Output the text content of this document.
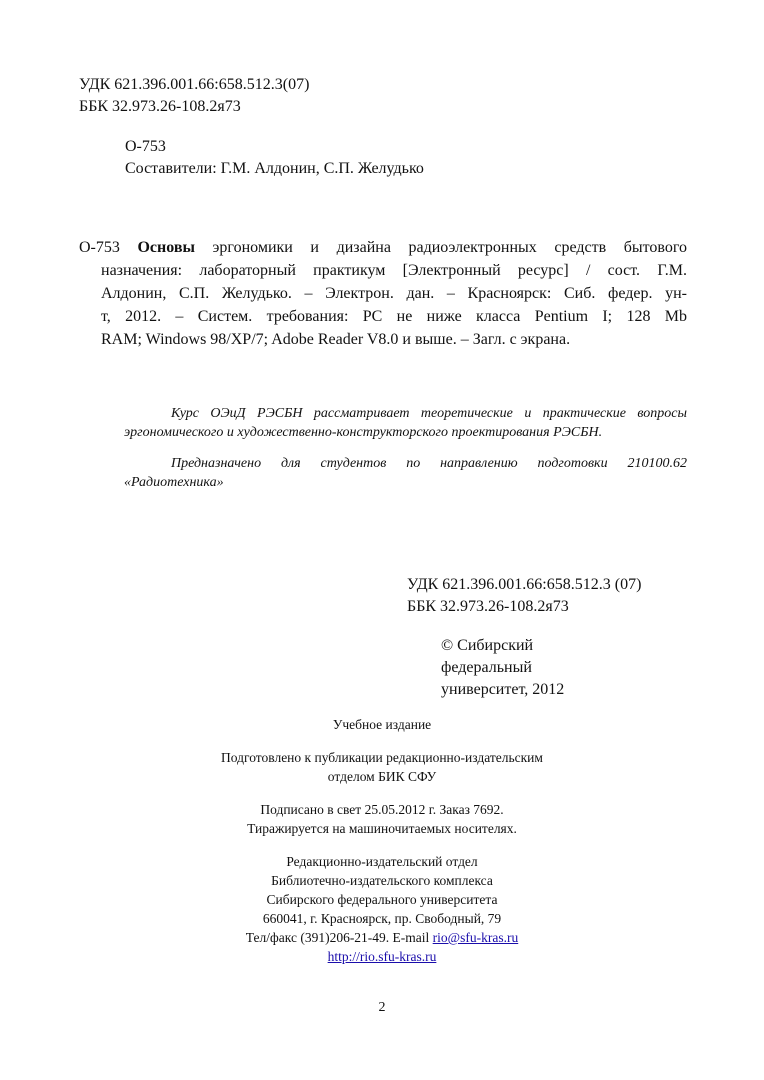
УДК 621.396.001.66:658.512.3(07)
ББК 32.973.26-108.2я73
О-753
Составители: Г.М. Алдонин, С.П. Желудько
О-753 Основы эргономики и дизайна радиоэлектронных средств бытового
назначения: лабораторный практикум [Электронный ресурс] / сост. Г.М.
Алдонин, С.П. Желудько. – Электрон. дан. – Красноярск: Сиб. федер. ун-
т, 2012. – Систем. требования: PC не ниже класса Pentium I; 128 Mb
RAM; Windows 98/XP/7; Adobe Reader V8.0 и выше. – Загл. с экрана.
Курс ОЭиД РЭСБН рассматривает теоретические и практические вопросы
эргономического и художественно-конструкторского проектирования РЭСБН.
Предназначено для студентов по направлению подготовки 210100.62
«Радиотехника»
УДК 621.396.001.66:658.512.3 (07)
ББК 32.973.26-108.2я73
© Сибирский
федеральный
университет, 2012
Учебное издание
Подготовлено к публикации редакционно-издательским
отделом БИК СФУ
Подписано в свет 25.05.2012 г. Заказ 7692.
Тиражируется на машиночитаемых носителях.
Редакционно-издательский отдел
Библиотечно-издательского комплекса
Сибирского федерального университета
660041, г. Красноярск, пр. Свободный, 79
Тел/факс (391)206-21-49. E-mail rio@sfu-kras.ru
http://rio.sfu-kras.ru
2
